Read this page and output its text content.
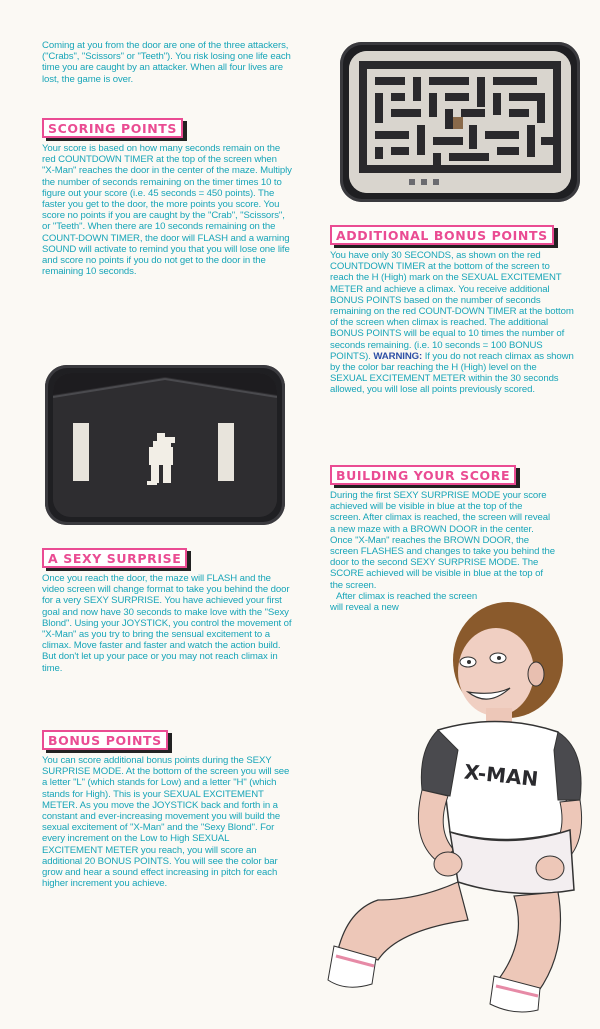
Coming at you from the door are one of the three attackers, ("Crabs", "Scissors" or "Teeth"). You risk losing one life each time you are caught by an attacker. When all four lives are lost, the game is over.

SCORING POINTS

Your score is based on how many seconds remain on the red COUNTDOWN TIMER at the top of the screen when "X-Man" reaches the door in the center of the maze. Multiply the number of seconds remaining on the timer times 10 to figure out your score (i.e. 45 seconds = 450 points). The faster you get to the door, the more points you score. You score no points if you are caught by the "Crab", "Scissors", or "Teeth". When there are 10 seconds remaining on the COUNT-DOWN TIMER, the door will FLASH and a warning SOUND will activate to remind you that you will lose one life and score no points if you do not get to the door in the remaining 10 seconds.

A SEXY SURPRISE

Once you reach the door, the maze will FLASH and the video screen will change format to take you behind the door for a very SEXY SURPRISE. You have achieved your first goal and now have 30 seconds to make love with the "Sexy Blond". Using your JOYSTICK, you control the movement of "X-Man" as you try to bring the sensual excitement to a climax. Move faster and faster and watch the action build. But don't let up your pace or you may not reach climax in time.

BONUS POINTS

You can score additional bonus points during the SEXY SURPRISE MODE. At the bottom of the screen you will see a letter "L" (which stands for Low) and a letter "H" (which stands for High). This is your SEXUAL EXCITEMENT METER. As you move the JOYSTICK back and forth in a constant and ever-increasing movement you will build the sexual excitement of "X-Man" and the "Sexy Blond". For every increment on the Low to High SEXUAL EXCITEMENT METER you reach, you will score an additional 20 BONUS POINTS. You will see the color bar grow and hear a sound effect increasing in pitch for each higher increment you achieve.

ADDITIONAL BONUS POINTS

You have only 30 SECONDS, as shown on the red COUNTDOWN TIMER at the bottom of the screen to reach the H (High) mark on the SEXUAL EXCITEMENT METER and achieve a climax. You receive additional BONUS POINTS based on the number of seconds remaining on the red COUNT-DOWN TIMER at the bottom of the screen when climax is reached. The additional BONUS POINTS will be equal to 10 times the number of seconds remaining. (i.e. 10 seconds = 100 BONUS POINTS). WARNING: If you do not reach climax as shown by the color bar reaching the H (High) level on the SEXUAL EXCITEMENT METER within the 30 seconds allowed, you will lose all points previously scored.

BUILDING YOUR SCORE

During the first SEXY SURPRISE MODE your score achieved will be visible in blue at the top of the screen. After climax is reached, the screen will reveal a new maze with a BROWN DOOR in the center. Once "X-Man" reaches the BROWN DOOR, the screen FLASHES and changes to take you behind the door to the second SEXY SURPRISE MODE. The SCORE achieved will be visible in blue at the top of the screen.

After climax is reached the screen will reveal a new

X-MAN
